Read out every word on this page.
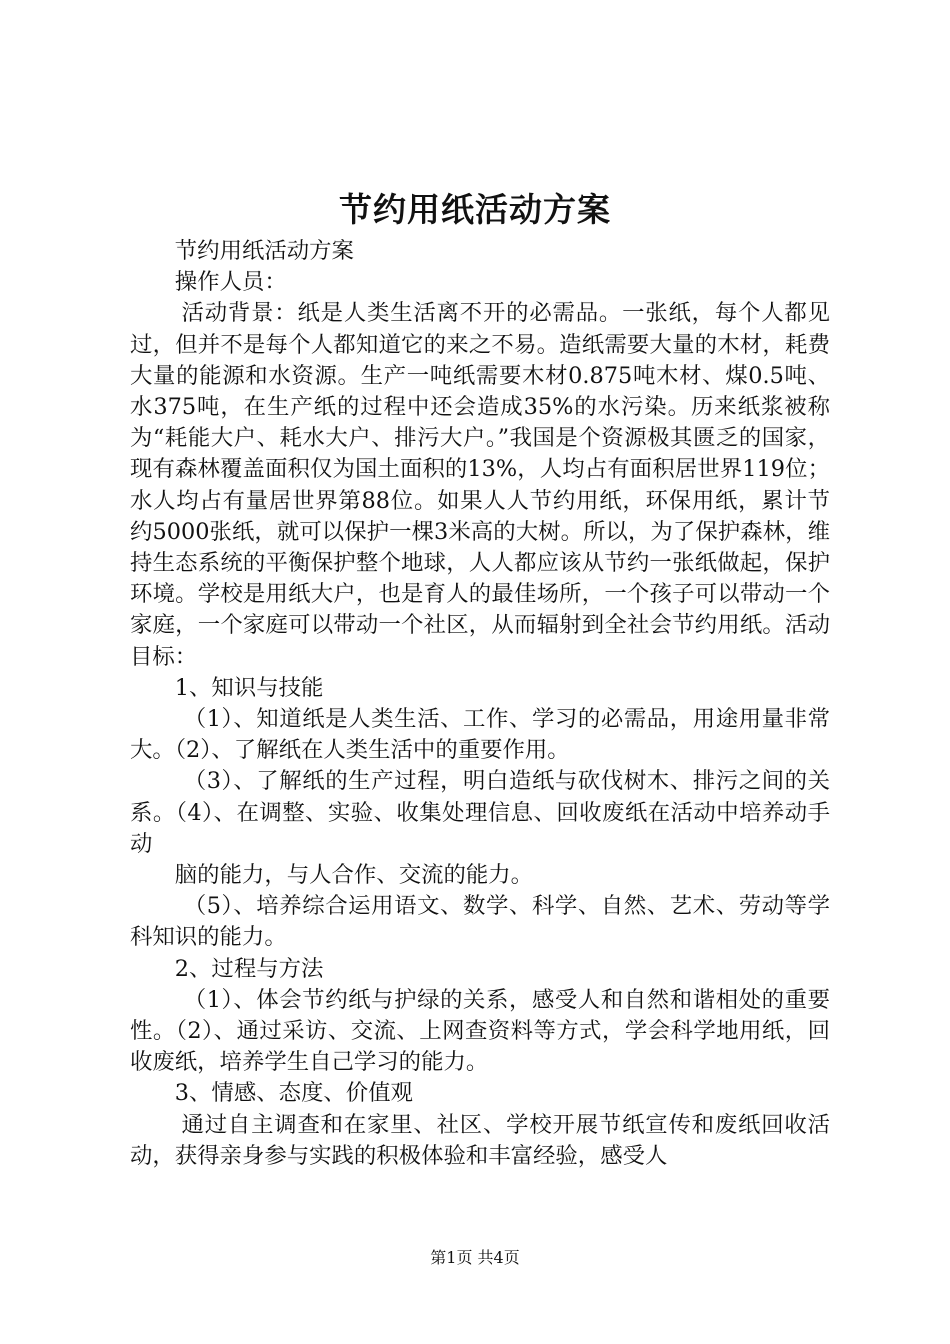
节约用纸活动方案

节约用纸活动方案

操作人员：

活动背景：纸是人类生活离不开的必需品。一张纸，每个人都见过，但并不是每个人都知道它的来之不易。造纸需要大量的木材，耗费大量的能源和水资源。生产一吨纸需要木材0.875吨木材、煤0.5吨、水375吨，在生产纸的过程中还会造成35%的水污染。历来纸浆被称为“耗能大户、耗水大户、排污大户。”我国是个资源极其匮乏的国家，现有森林覆盖面积仅为国土面积的13%，人均占有面积居世界119位；水人均占有量居世界第88位。如果人人节约用纸，环保用纸，累计节约5000张纸，就可以保护一棵3米高的大树。所以，为了保护森林，维持生态系统的平衡保护整个地球，人人都应该从节约一张纸做起，保护环境。学校是用纸大户，也是育人的最佳场所，一个孩子可以带动一个家庭，一个家庭可以带动一个社区，从而辐射到全社会节约用纸。活动目标：

1、知识与技能

（1）、知道纸是人类生活、工作、学习的必需品，用途用量非常大。（2）、了解纸在人类生活中的重要作用。

（3）、了解纸的生产过程，明白造纸与砍伐树木、排污之间的关系。（4）、在调整、实验、收集处理信息、回收废纸在活动中培养动手动

脑的能力，与人合作、交流的能力。

（5）、培养综合运用语文、数学、科学、自然、艺术、劳动等学科知识的能力。

2、过程与方法

（1）、体会节约纸与护绿的关系，感受人和自然和谐相处的重要性。（2）、通过采访、交流、上网查资料等方式，学会科学地用纸，回收废纸，培养学生自己学习的能力。

3、情感、态度、价值观

通过自主调查和在家里、社区、学校开展节纸宣传和废纸回收活动，获得亲身参与实践的积极体验和丰富经验，感受人

第1页 共4页
